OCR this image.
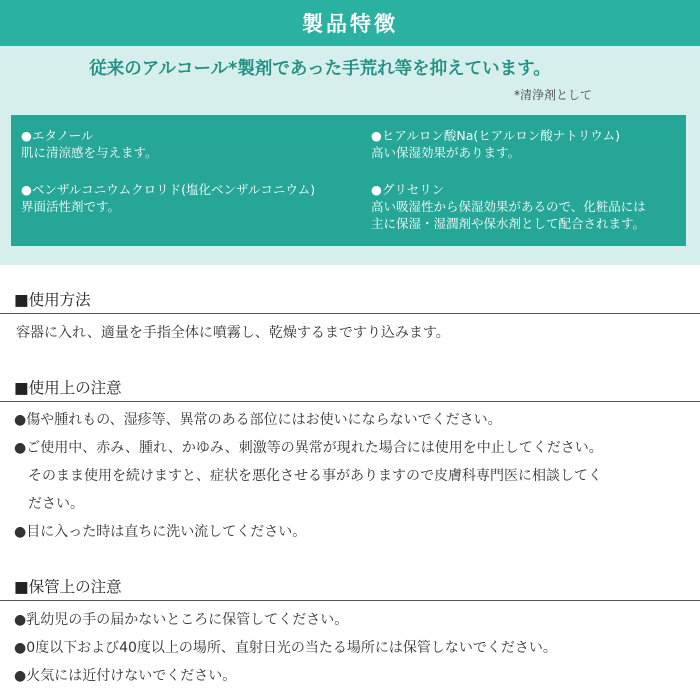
製品特徴
従来のアルコール*製剤であった手荒れ等を抑えています。
*清浄剤として
●エタノール
肌に清涼感を与えます。
●ヒアルロン酸Na(ヒアルロン酸ナトリウム)
高い保湿効果があります。
●ベンザルコニウムクロリド(塩化ベンザルコニウム)
界面活性剤です。
●グリセリン
高い吸湿性から保湿効果があるので、化粧品には
主に保湿・湿潤剤や保水剤として配合されます。
■使用方法
容器に入れ、適量を手指全体に噴霧し、乾燥するまですり込みます。
■使用上の注意
●傷や腫れもの、湿疹等、異常のある部位にはお使いにならないでください。
●ご使用中、赤み、腫れ、かゆみ、刺激等の異常が現れた場合には使用を中止してください。
　そのまま使用を続けますと、症状を悪化させる事がありますので皮膚科専門医に相談してく
　ださい。
●目に入った時は直ちに洗い流してください。
■保管上の注意
●乳幼児の手の届かないところに保管してください。
●0度以下および40度以上の場所、直射日光の当たる場所には保管しないでください。
●火気には近付けないでください。
